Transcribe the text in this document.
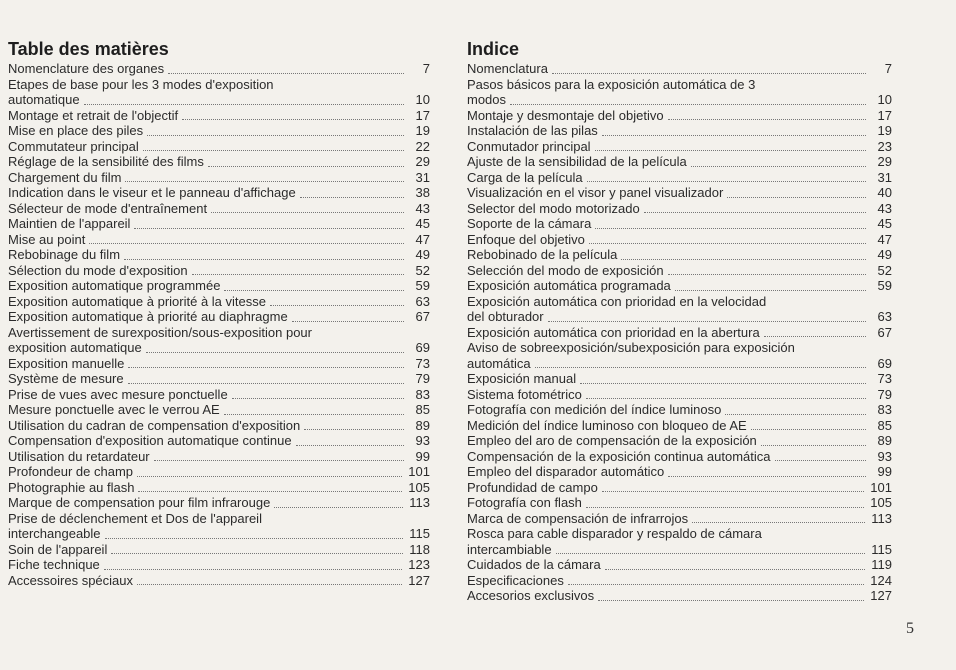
Table des matières
Nomenclature des organes	7
Etapes de base pour les 3 modes d'exposition
automatique	10
Montage et retrait de l'objectif	17
Mise en place des piles	19
Commutateur principal	22
Réglage de la sensibilité des films	29
Chargement du film	31
Indication dans le viseur et le panneau d'affichage	38
Sélecteur de mode d'entraînement	43
Maintien de l'appareil	45
Mise au point	47
Rebobinage du film	49
Sélection du mode d'exposition	52
Exposition automatique programmée	59
Exposition automatique à priorité à la vitesse	63
Exposition automatique à priorité au diaphragme	67
Avertissement de surexposition/sous-exposition pour
exposition automatique	69
Exposition manuelle	73
Système de mesure	79
Prise de vues avec mesure ponctuelle	83
Mesure ponctuelle avec le verrou AE	85
Utilisation du cadran de compensation d'exposition	89
Compensation d'exposition automatique continue	93
Utilisation du retardateur	99
Profondeur de champ	101
Photographie au flash	105
Marque de compensation pour film infrarouge	113
Prise de déclenchement et Dos de l'appareil
interchangeable	115
Soin de l'appareil	118
Fiche technique	123
Accessoires spéciaux	127
Indice
Nomenclatura	7
Pasos básicos para la exposición automática de 3
modos	10
Montaje y desmontaje del objetivo	17
Instalación de las pilas	19
Conmutador principal	23
Ajuste de la sensibilidad de la película	29
Carga de la película	31
Visualización en el visor y panel visualizador	40
Selector del modo motorizado	43
Soporte de la cámara	45
Enfoque del objetivo	47
Rebobinado de la película	49
Selección del modo de exposición	52
Exposición automática programada	59
Exposición automática con prioridad en la velocidad
del obturador	63
Exposición automática con prioridad en la abertura	67
Aviso de sobreexposición/subexposición para exposición
automática	69
Exposición manual	73
Sistema fotométrico	79
Fotografía con medición del índice luminoso	83
Medición del índice luminoso con bloqueo de AE	85
Empleo del aro de compensación de la exposición	89
Compensación de la exposición continua automática	93
Empleo del disparador automático	99
Profundidad de campo	101
Fotografía con flash	105
Marca de compensación de infrarrojos	113
Rosca para cable disparador y respaldo de cámara
intercambiable	115
Cuidados de la cámara	119
Especificaciones	124
Accesorios exclusivos	127
5
